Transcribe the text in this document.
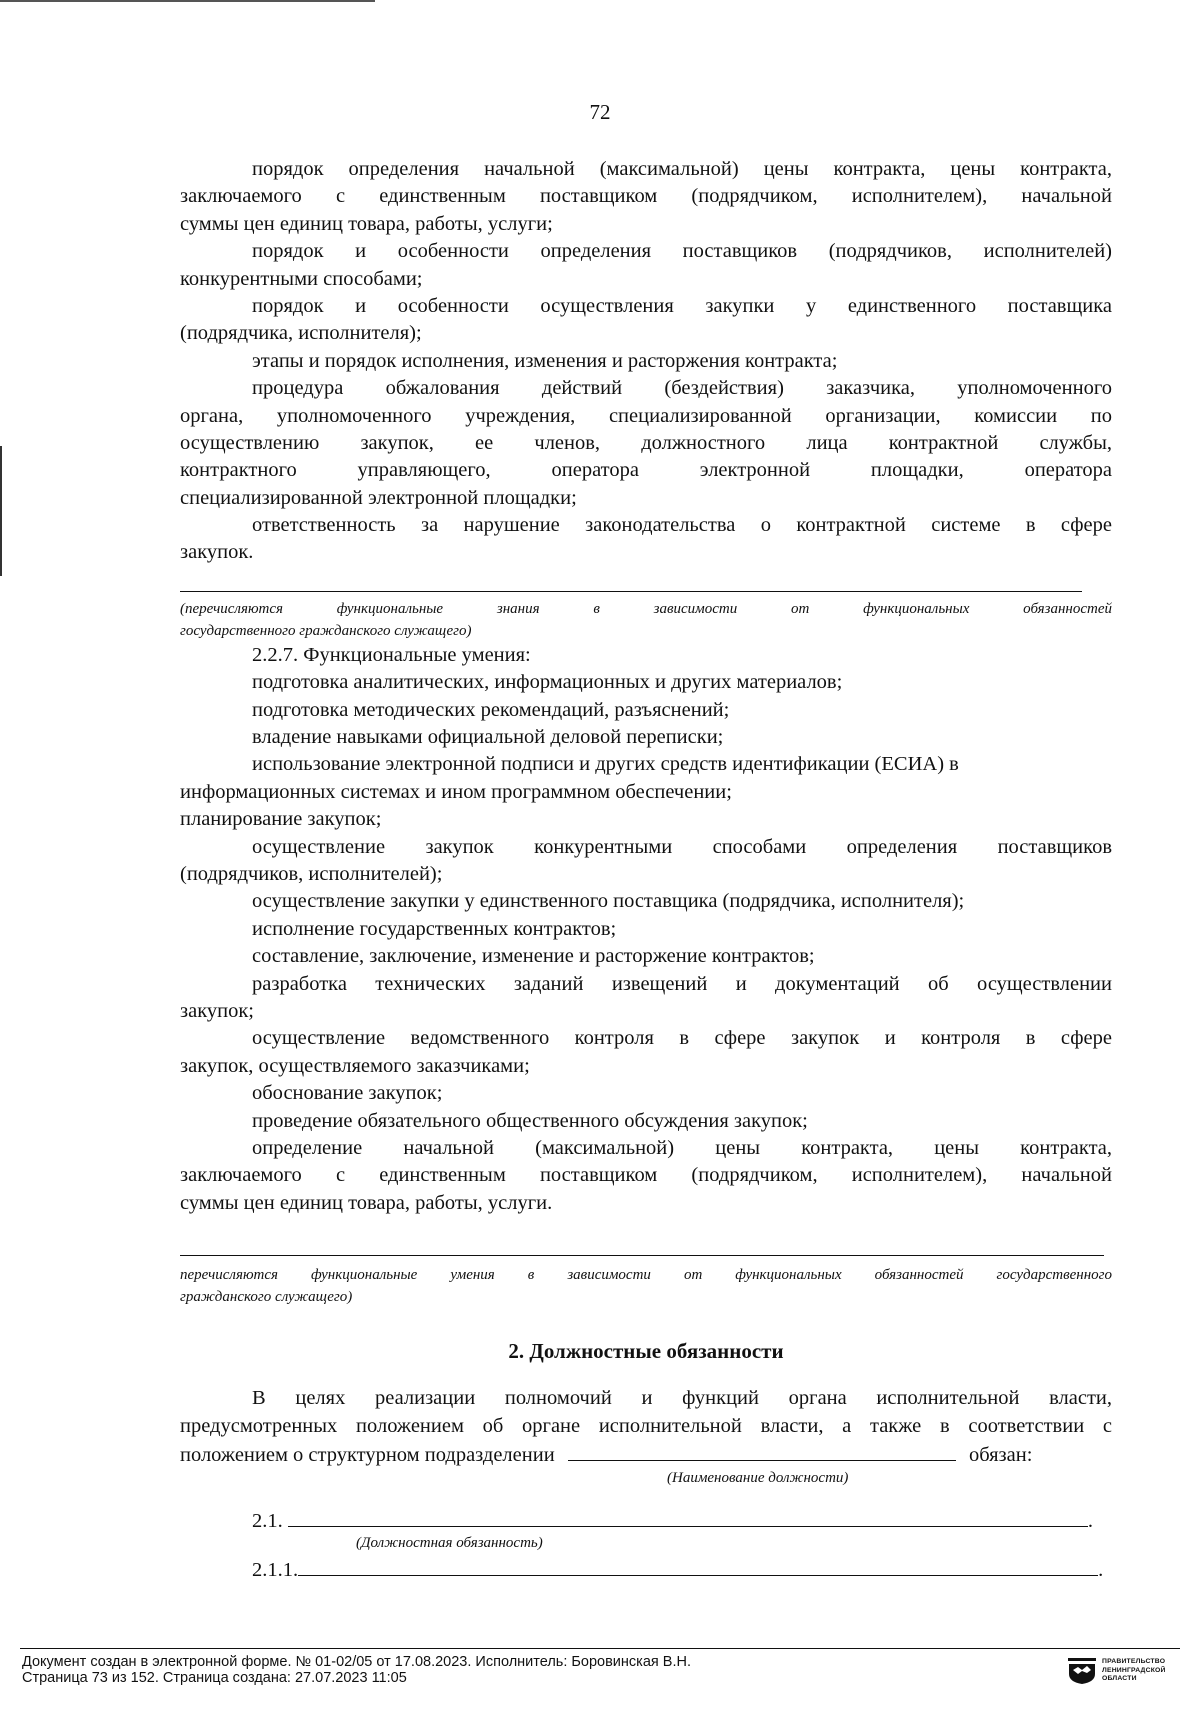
72
порядок определения начальной (максимальной) цены контракта, цены контракта,
заключаемого с единственным поставщиком (подрядчиком, исполнителем), начальной
суммы цен единиц товара, работы, услуги;
порядок и особенности определения поставщиков (подрядчиков, исполнителей)
конкурентными способами;
порядок и особенности осуществления закупки у единственного поставщика
(подрядчика, исполнителя);
этапы и порядок исполнения, изменения и расторжения контракта;
процедура обжалования действий (бездействия) заказчика, уполномоченного
органа, уполномоченного учреждения, специализированной организации, комиссии по
осуществлению закупок, ее членов, должностного лица контрактной службы,
контрактного управляющего, оператора электронной площадки, оператора
специализированной электронной площадки;
ответственность за нарушение законодательства о контрактной системе в сфере
закупок.
(перечисляются функциональные знания в зависимости от функциональных обязанностей
государственного гражданского служащего)
2.2.7. Функциональные умения:
подготовка аналитических, информационных и других материалов;
подготовка методических рекомендаций, разъяснений;
владение навыками официальной деловой переписки;
использование электронной подписи и других средств идентификации (ЕСИА) в
информационных системах и ином программном обеспечении;
планирование закупок;
осуществление закупок конкурентными способами определения поставщиков
(подрядчиков, исполнителей);
осуществление закупки у единственного поставщика (подрядчика, исполнителя);
исполнение государственных контрактов;
составление, заключение, изменение и расторжение контрактов;
разработка технических заданий извещений и документаций об осуществлении
закупок;
осуществление ведомственного контроля в сфере закупок и контроля в сфере
закупок, осуществляемого заказчиками;
обоснование закупок;
проведение обязательного общественного обсуждения закупок;
определение начальной (максимальной) цены контракта, цены контракта,
заключаемого с единственным поставщиком (подрядчиком, исполнителем), начальной
суммы цен единиц товара, работы, услуги.
перечисляются функциональные умения в зависимости от функциональных обязанностей государственного
гражданского служащего)
2. Должностные обязанности
В целях реализации полномочий и функций органа исполнительной власти,
предусмотренных положением об органе исполнительной власти, а также в соответствии с
положением о структурном подразделении	обязан:
(Наименование должности)
2.1.	.
(Должностная обязанность)
2.1.1.	.
Документ создан в электронной форме. № 01-02/05 от 17.08.2023. Исполнитель: Боровинская В.Н.
Страница 73 из 152. Страница создана: 27.07.2023 11:05
ПРАВИТЕЛЬСТВО
ЛЕНИНГРАДСКОЙ
ОБЛАСТИ
